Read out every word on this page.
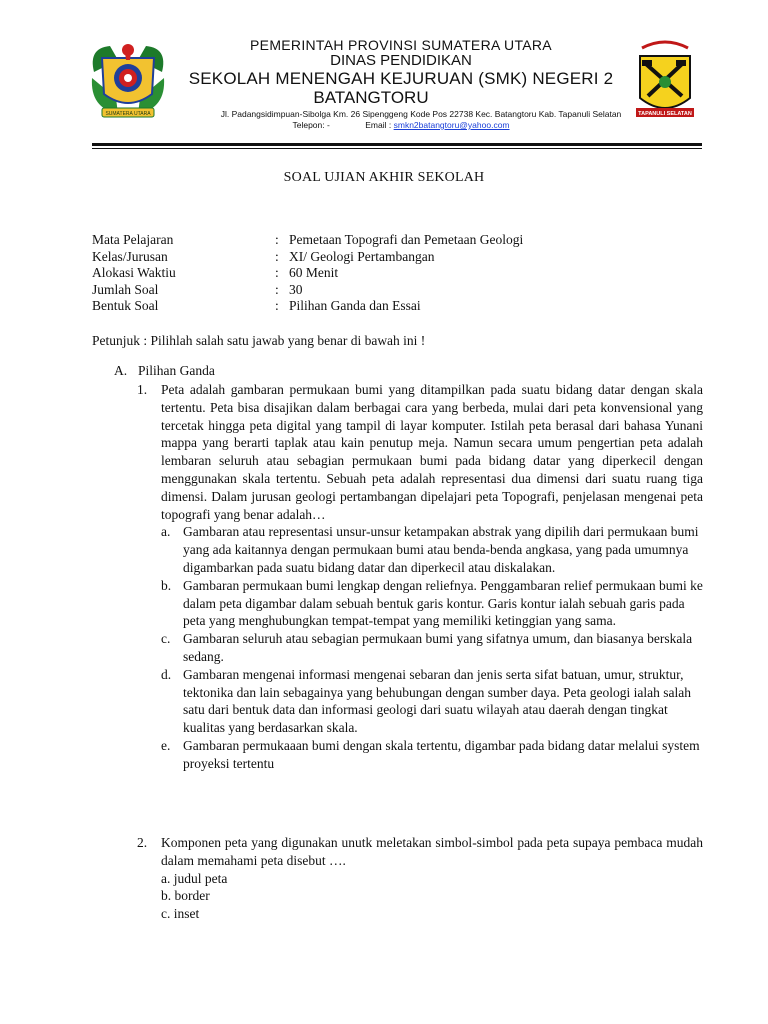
SUMATERA UTARA
PEMERINTAH PROVINSI SUMATERA UTARA
DINAS PENDIDIKAN
SEKOLAH MENENGAH KEJURUAN (SMK) NEGERI 2
BATANGTORU
Jl. Padangsidimpuan-Sibolga Km. 26 Sipenggeng Kode Pos 22738 Kec. Batangtoru Kab. Tapanuli Selatan
Telepon: -	Email : smkn2batangtoru@yahoo.com
TAPANULI SELATAN
SOAL UJIAN AKHIR SEKOLAH
Mata Pelajaran	: Pemetaan Topografi dan Pemetaan Geologi
Kelas/Jurusan	: XI/ Geologi Pertambangan
Alokasi Waktiu	: 60 Menit
Jumlah Soal	: 30
Bentuk Soal	: Pilihan Ganda dan Essai
Petunjuk : Pilihlah salah satu jawab yang benar di bawah ini !
A. Pilihan Ganda
1. Peta adalah gambaran permukaan bumi yang ditampilkan pada suatu bidang datar dengan skala tertentu. Peta bisa disajikan dalam berbagai cara yang berbeda, mulai dari peta konvensional yang tercetak hingga peta digital yang tampil di layar komputer. Istilah peta berasal dari bahasa Yunani mappa yang berarti taplak atau kain penutup meja. Namun secara umum pengertian peta adalah lembaran seluruh atau sebagian permukaan bumi pada bidang datar yang diperkecil dengan menggunakan skala tertentu. Sebuah peta adalah representasi dua dimensi dari suatu ruang tiga dimensi. Dalam jurusan geologi pertambangan dipelajari peta Topografi, penjelasan mengenai peta topografi yang benar adalah…
a. Gambaran atau representasi unsur-unsur ketampakan abstrak yang dipilih dari permukaan bumi yang ada kaitannya dengan permukaan bumi atau benda-benda angkasa, yang pada umumnya digambarkan pada suatu bidang datar dan diperkecil atau diskalakan.
b. Gambaran permukaan bumi lengkap dengan reliefnya. Penggambaran relief permukaan bumi ke dalam peta digambar dalam sebuah bentuk garis kontur. Garis kontur ialah sebuah garis pada peta yang menghubungkan tempat-tempat yang memiliki ketinggian yang sama.
c. Gambaran seluruh atau sebagian permukaan bumi yang sifatnya umum, dan biasanya berskala sedang.
d. Gambaran mengenai informasi mengenai sebaran dan jenis serta sifat batuan, umur, struktur, tektonika dan lain sebagainya yang behubungan dengan sumber daya. Peta geologi ialah salah satu dari bentuk data dan informasi geologi dari suatu wilayah atau daerah dengan tingkat kualitas yang berdasarkan skala.
e. Gambaran permukaaan bumi dengan skala tertentu, digambar pada bidang datar melalui system proyeksi tertentu
2. Komponen peta yang digunakan unutk meletakan simbol-simbol pada peta supaya pembaca mudah dalam memahami peta disebut ….
a. judul peta
b. border
c. inset
